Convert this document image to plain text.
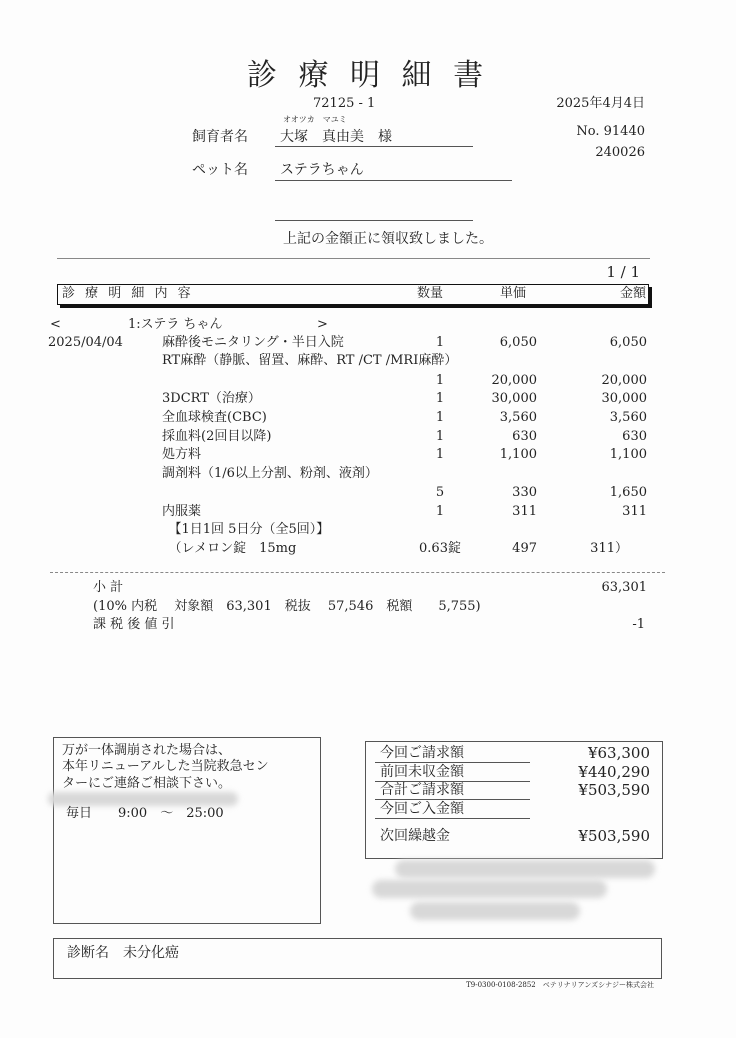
診 療 明 細 書
72125 - 1	2025年4月4日
オオツカ　マユミ
飼育者名 大塚　真由美　様	No. 91440
240026
ペット名 ステラちゃん
上記の金額正に領収致しました。
1 / 1
診 療 明 細 内 容	数量	単価	金額
<	1:ステラ ちゃん	>
2025/04/04	麻酔後モニタリング・半日入院	1	6,050	6,050
RT麻酔（静脈、留置、麻酔、RT /CT /MRI麻酔）
1	20,000	20,000
3DCRT（治療）	1	30,000	30,000
全血球検査(CBC)	1	3,560	3,560
採血料(2回目以降)	1	630	630
処方料	1	1,100	1,100
調剤料（1/6以上分割、粉剤、液剤）
5	330	1,650
内服薬	1	311	311
　【1日1回 5日分（全5回）】
　（レメロン錠　15mg	0.63錠	497	311）
小 計	63,301
(10% 内税　 対象額　63,301　税抜　 57,546　税額　　5,755)
課 税 後 値 引	-1
万が一体調崩された場合は、
本年リニューアルした当院救急セン
ターにご連絡ご相談下さい。
毎日　　9:00　～　25:00
次回繰越金	¥503,590
今回ご請求額	¥63,300
前回未収金額	¥440,290
合計ご請求額	¥503,590
今回ご入金額
診断名 未分化癌
T9-0300-0108-2852　ベテリナリアンズシナジー株式会社
